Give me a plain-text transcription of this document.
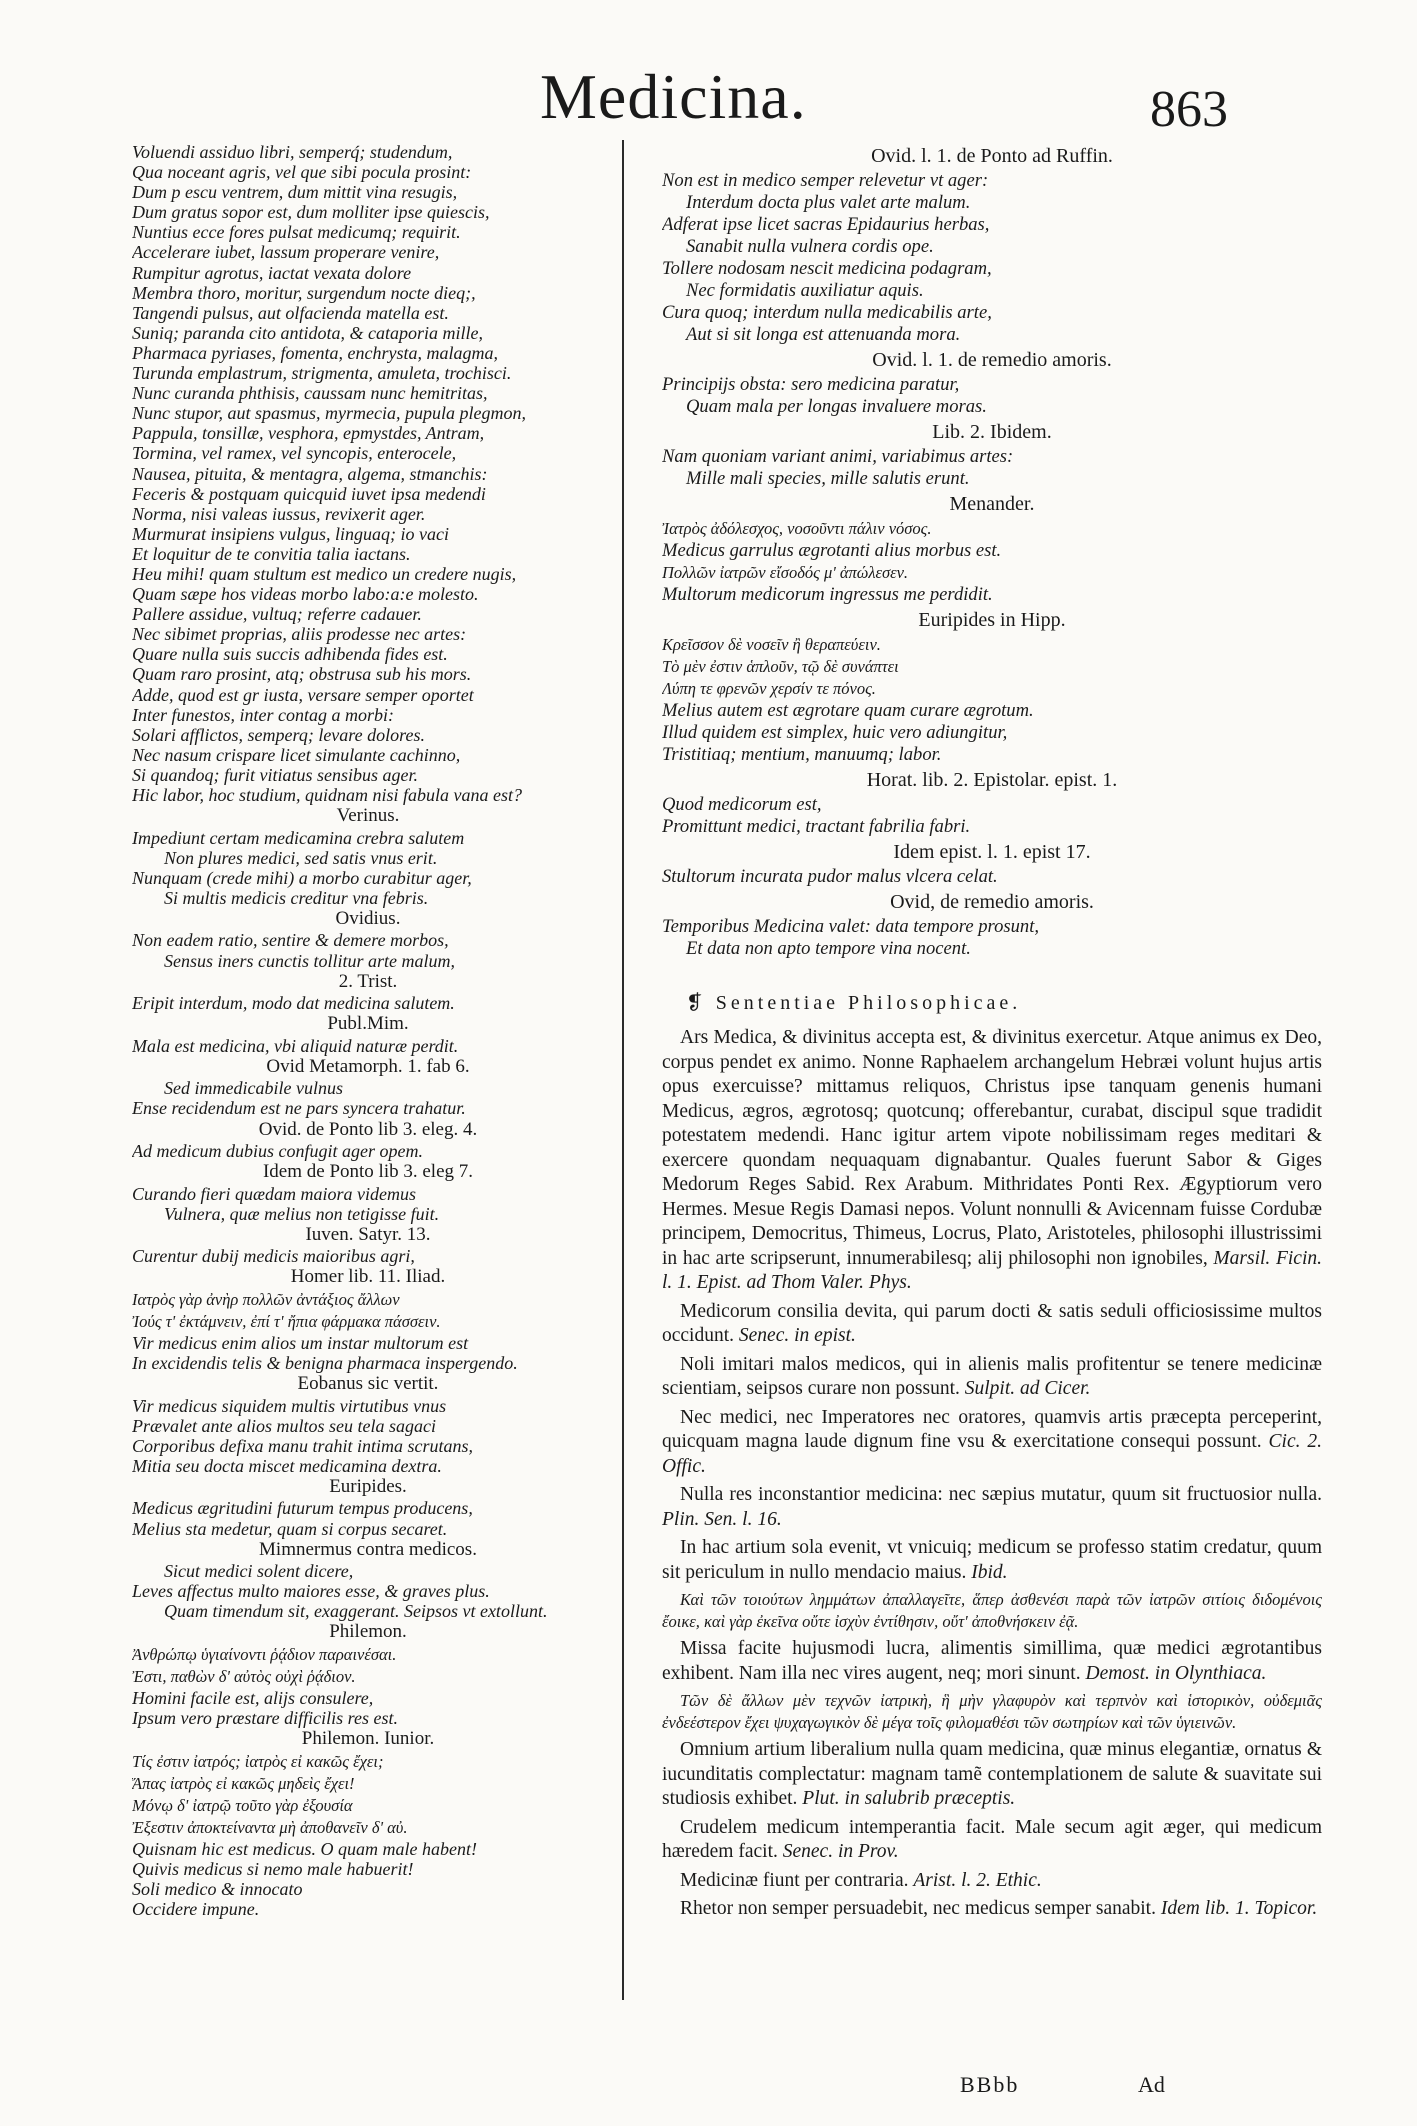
Medicina.	863
Voluendi assiduo libri, semperq́; studendum,
Qua noceant agris, vel que sibi pocula prosint:
Dum p escu ventrem, dum mittit vina resugis,
Dum gratus sopor est, dum molliter ipse quiescis,
Nuntius ecce fores pulsat medicumq; requirit.
Accelerare iubet, lassum properare venire,
Rumpitur agrotus, iactat vexata dolore
Membra thoro, moritur, surgendum nocte dieq;,
Tangendi pulsus, aut olfacienda matella est.
Suniq; paranda cito antidota, & cataporia mille,
Pharmaca pyriases, fomenta, enchrysta, malagma,
Turunda emplastrum, strigmenta, amuleta, trochisci.
Nunc curanda phthisis, caussam nunc hemitritas,
Nunc stupor, aut spasmus, myrmecia, pupula plegmon,
Pappula, tonsillæ, vesphora, epmystdes, Antram,
Tormina, vel ramex, vel syncopis, enterocele,
Nausea, pituita, & mentagra, algema, stmanchis:
Feceris & postquam quicquid iuvet ipsa medendi
Norma, nisi valeas iussus, revixerit ager.
Murmurat insipiens vulgus, linguaq; io vaci
Et loquitur de te convitia talia iactans.
Heu mihi! quam stultum est medico un credere nugis,
Quam sæpe hos videas morbo labo:a:e molesto.
Pallere assidue, vultuq; referre cadauer.
Nec sibimet proprias, aliis prodesse nec artes:
Quare nulla suis succis adhibenda fides est.
Quam raro prosint, atq; obstrusa sub his mors.
Adde, quod est gr iusta, versare semper oportet
Inter funestos, inter contag a morbi:
Solari afflictos, semperq; levare dolores.
Nec nasum crispare licet simulante cachinno,
Si quandoq; furit vitiatus sensibus ager.
Hic labor, hoc studium, quidnam nisi fabula vana est?
Verinus.
Impediunt certam medicamina crebra salutem
Non plures medici, sed satis vnus erit.
Nunquam (crede mihi) a morbo curabitur ager,
Si multis medicis creditur vna febris.
Ovidius.
Non eadem ratio, sentire & demere morbos,
Sensus iners cunctis tollitur arte malum,
2. Trist.
Eripit interdum, modo dat medicina salutem.
Publ.Mim.
Mala est medicina, vbi aliquid naturæ perdit.
Ovid Metamorph. 1. fab 6.
Sed immedicabile vulnus
Ense recidendum est ne pars syncera trahatur.
Ovid. de Ponto lib 3. eleg. 4.
Ad medicum dubius confugit ager opem.
Idem de Ponto lib 3. eleg 7.
Curando fieri quædam maiora videmus
Vulnera, quæ melius non tetigisse fuit.
Iuven. Satyr. 13.
Curentur dubij medicis maioribus agri,
Homer lib. 11. Iliad.
Ιατρὸς γὰρ ἀνὴρ πολλῶν ἀντάξιος ἄλλων
Ἰούς τ' ἐκτάμνειν, ἐπί τ' ἤπια φάρμακα πάσσειν.
Vir medicus enim alios um instar multorum est
In excidendis telis & benigna pharmaca inspergendo.
Eobanus sic vertit.
Vir medicus siquidem multis virtutibus vnus
Prævalet ante alios multos seu tela sagaci
Corporibus defixa manu trahit intima scrutans,
Mitia seu docta miscet medicamina dextra.
Euripides.
Medicus ægritudini futurum tempus producens,
Melius sta medetur, quam si corpus secaret.
Mimnermus contra medicos.
Sicut medici solent dicere,
Leves affectus multo maiores esse, & graves plus.
Quam timendum sit, exaggerant. Seipsos vt extollunt.
Philemon.
Ἀνθρώπῳ ὑγιαίνοντι ῥᾴδιον παραινέσαι.
Ἐστι, παθὼν δ' αὐτὸς οὐχὶ ῥᾴδιον.
Homini facile est, alijs consulere,
Ipsum vero præstare difficilis res est.
Philemon. Iunior.
Τίς ἐστιν ἰατρός; ἰατρὸς εἰ κακῶς ἔχει;
Ἅπας ἰατρὸς εἰ κακῶς μηδεὶς ἔχει!
Μόνῳ δ' ἰατρῷ τοῦτο γὰρ ἐξουσία
Ἐξεστιν ἀποκτείναντα μὴ ἀποθανεῖν δ' αὐ.
Quisnam hic est medicus. O quam male habent!
Quivis medicus si nemo male habuerit!
Soli medico & innocato
Occidere impune.
Ovid. l. 1. de Ponto ad Ruffin.
Non est in medico semper relevetur vt ager:
Interdum docta plus valet arte malum.
Adferat ipse licet sacras Epidaurius herbas,
Sanabit nulla vulnera cordis ope.
Tollere nodosam nescit medicina podagram,
Nec formidatis auxiliatur aquis.
Cura quoq; interdum nulla medicabilis arte,
Aut si sit longa est attenuanda mora.
Ovid. l. 1. de remedio amoris.
Principijs obsta: sero medicina paratur,
Quam mala per longas invaluere moras.
Lib. 2. Ibidem.
Nam quoniam variant animi, variabimus artes:
Mille mali species, mille salutis erunt.
Menander.
Ἰατρὸς ἀδόλεσχος, νοσοῦντι πάλιν νόσος.
Medicus garrulus ægrotanti alius morbus est.
Πολλῶν ἰατρῶν εἴσοδός μ' ἀπώλεσεν.
Multorum medicorum ingressus me perdidit.
Euripides in Hipp.
Κρεῖσσον δὲ νοσεῖν ἢ θεραπεύειν.
Τὸ μὲν ἐστιν ἁπλοῦν, τῷ δὲ συνάπτει
Λύπη τε φρενῶν χερσίν τε πόνος.
Melius autem est ægrotare quam curare ægrotum.
Illud quidem est simplex, huic vero adiungitur,
Tristitiaq; mentium, manuumq; labor.
Horat. lib. 2. Epistolar. epist. 1.
Quod medicorum est,
Promittunt medici, tractant fabrilia fabri.
Idem epist. l. 1. epist 17.
Stultorum incurata pudor malus vlcera celat.
Ovid, de remedio amoris.
Temporibus Medicina valet: data tempore prosunt,
Et data non apto tempore vina nocent.
❡ Sententiae Philosophicae.
Ars Medica, & divinitus accepta est, & divinitus exercetur. Atque animus ex Deo, corpus pendet ex animo. Nonne Raphaelem archangelum Hebræi volunt hujus artis opus exercuisse? mittamus reliquos, Christus ipse tanquam genenis humani Medicus, ægros, ægrotosq; quotcunq; offerebantur, curabat, discipul sque tradidit potestatem medendi. Hanc igitur artem vipote nobilissimam reges meditari & exercere quondam nequaquam dignabantur. Quales fuerunt Sabor & Giges Medorum Reges Sabid. Rex Arabum. Mithridates Ponti Rex. Ægyptiorum vero Hermes. Mesue Regis Damasi nepos. Volunt nonnulli & Avicennam fuisse Cordubæ principem, Democritus, Thimeus, Locrus, Plato, Aristoteles, philosophi illustrissimi in hac arte scripserunt, innumerabilesq; alij philosophi non ignobiles, Marsil. Ficin. l. 1. Epist. ad Thom Valer. Phys.
Medicorum consilia devita, qui parum docti & satis seduli officiosissime multos occidunt. Senec. in epist.
Noli imitari malos medicos, qui in alienis malis profitentur se tenere medicinæ scientiam, seipsos curare non possunt. Sulpit. ad Cicer.
Nec medici, nec Imperatores nec oratores, quamvis artis præcepta perceperint, quicquam magna laude dignum fine vsu & exercitatione consequi possunt. Cic. 2. Offic.
Nulla res inconstantior medicina: nec sæpius mutatur, quum sit fructuosior nulla. Plin. Sen. l. 16.
In hac artium sola evenit, vt vnicuiq; medicum se professo statim credatur, quum sit periculum in nullo mendacio maius. Ibid.
Καὶ τῶν τοιούτων λημμάτων ἀπαλλαγεῖτε, ἅπερ ἀσθενέσι παρὰ τῶν ἰατρῶν σιτίοις διδομένοις ἔοικε, καὶ γὰρ ἐκεῖνα οὔτε ἰσχὺν ἐντίθησιν, οὔτ' ἀποθνήσκειν ἐᾷ.
Missa facite hujusmodi lucra, alimentis simillima, quæ medici ægrotantibus exhibent. Nam illa nec vires augent, neq; mori sinunt. Demost. in Olynthiaca.
Τῶν δὲ ἄλλων μὲν τεχνῶν ἰατρικὴ, ἣ μὴν γλαφυρὸν καὶ τερπνὸν καὶ ἱστορικὸν, οὐδεμιᾶς ἐνδεέστερον ἔχει ψυχαγωγικὸν δὲ μέγα τοῖς φιλομαθέσι τῶν σωτηρίων καὶ τῶν ὑγιεινῶν.
Omnium artium liberalium nulla quam medicina, quæ minus elegantiæ, ornatus & iucunditatis complectatur: magnam tamẽ contemplationem de salute & suavitate sui studiosis exhibet. Plut. in salubrib præceptis.
Crudelem medicum intemperantia facit. Male secum agit æger, qui medicum hæredem facit. Senec. in Prov.
Medicinæ fiunt per contraria. Arist. l. 2. Ethic.
Rhetor non semper persuadebit, nec medicus semper sanabit. Idem lib. 1. Topicor.
BBbb	Ad
